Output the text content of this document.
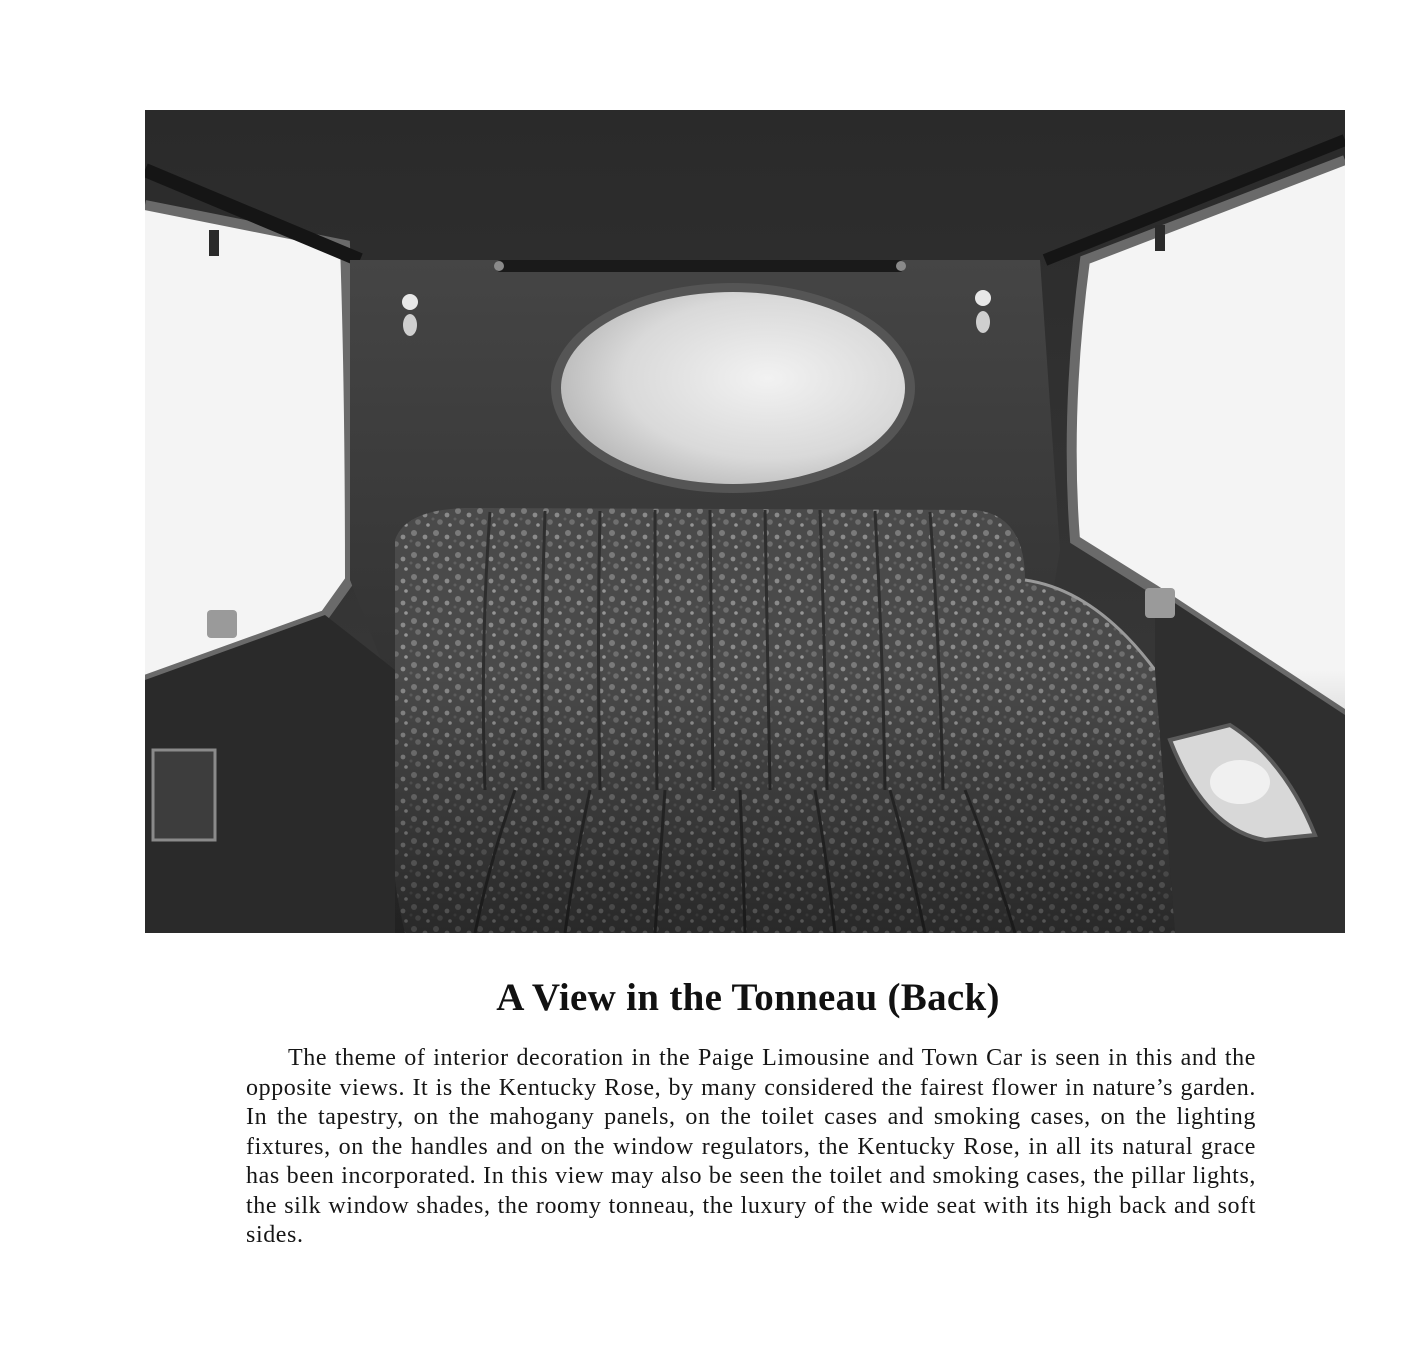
A View in the Tonneau (Back)

The theme of interior decoration in the Paige Limousine and Town Car is seen in this and the opposite views. It is the Kentucky Rose, by many considered the fairest flower in nature’s garden. In the tapestry, on the mahogany panels, on the toilet cases and smoking cases, on the lighting fixtures, on the handles and on the window regulators, the Kentucky Rose, in all its natural grace has been incorporated. In this view may also be seen the toilet and smoking cases, the pillar lights, the silk window shades, the roomy tonneau, the luxury of the wide seat with its high back and soft sides.
